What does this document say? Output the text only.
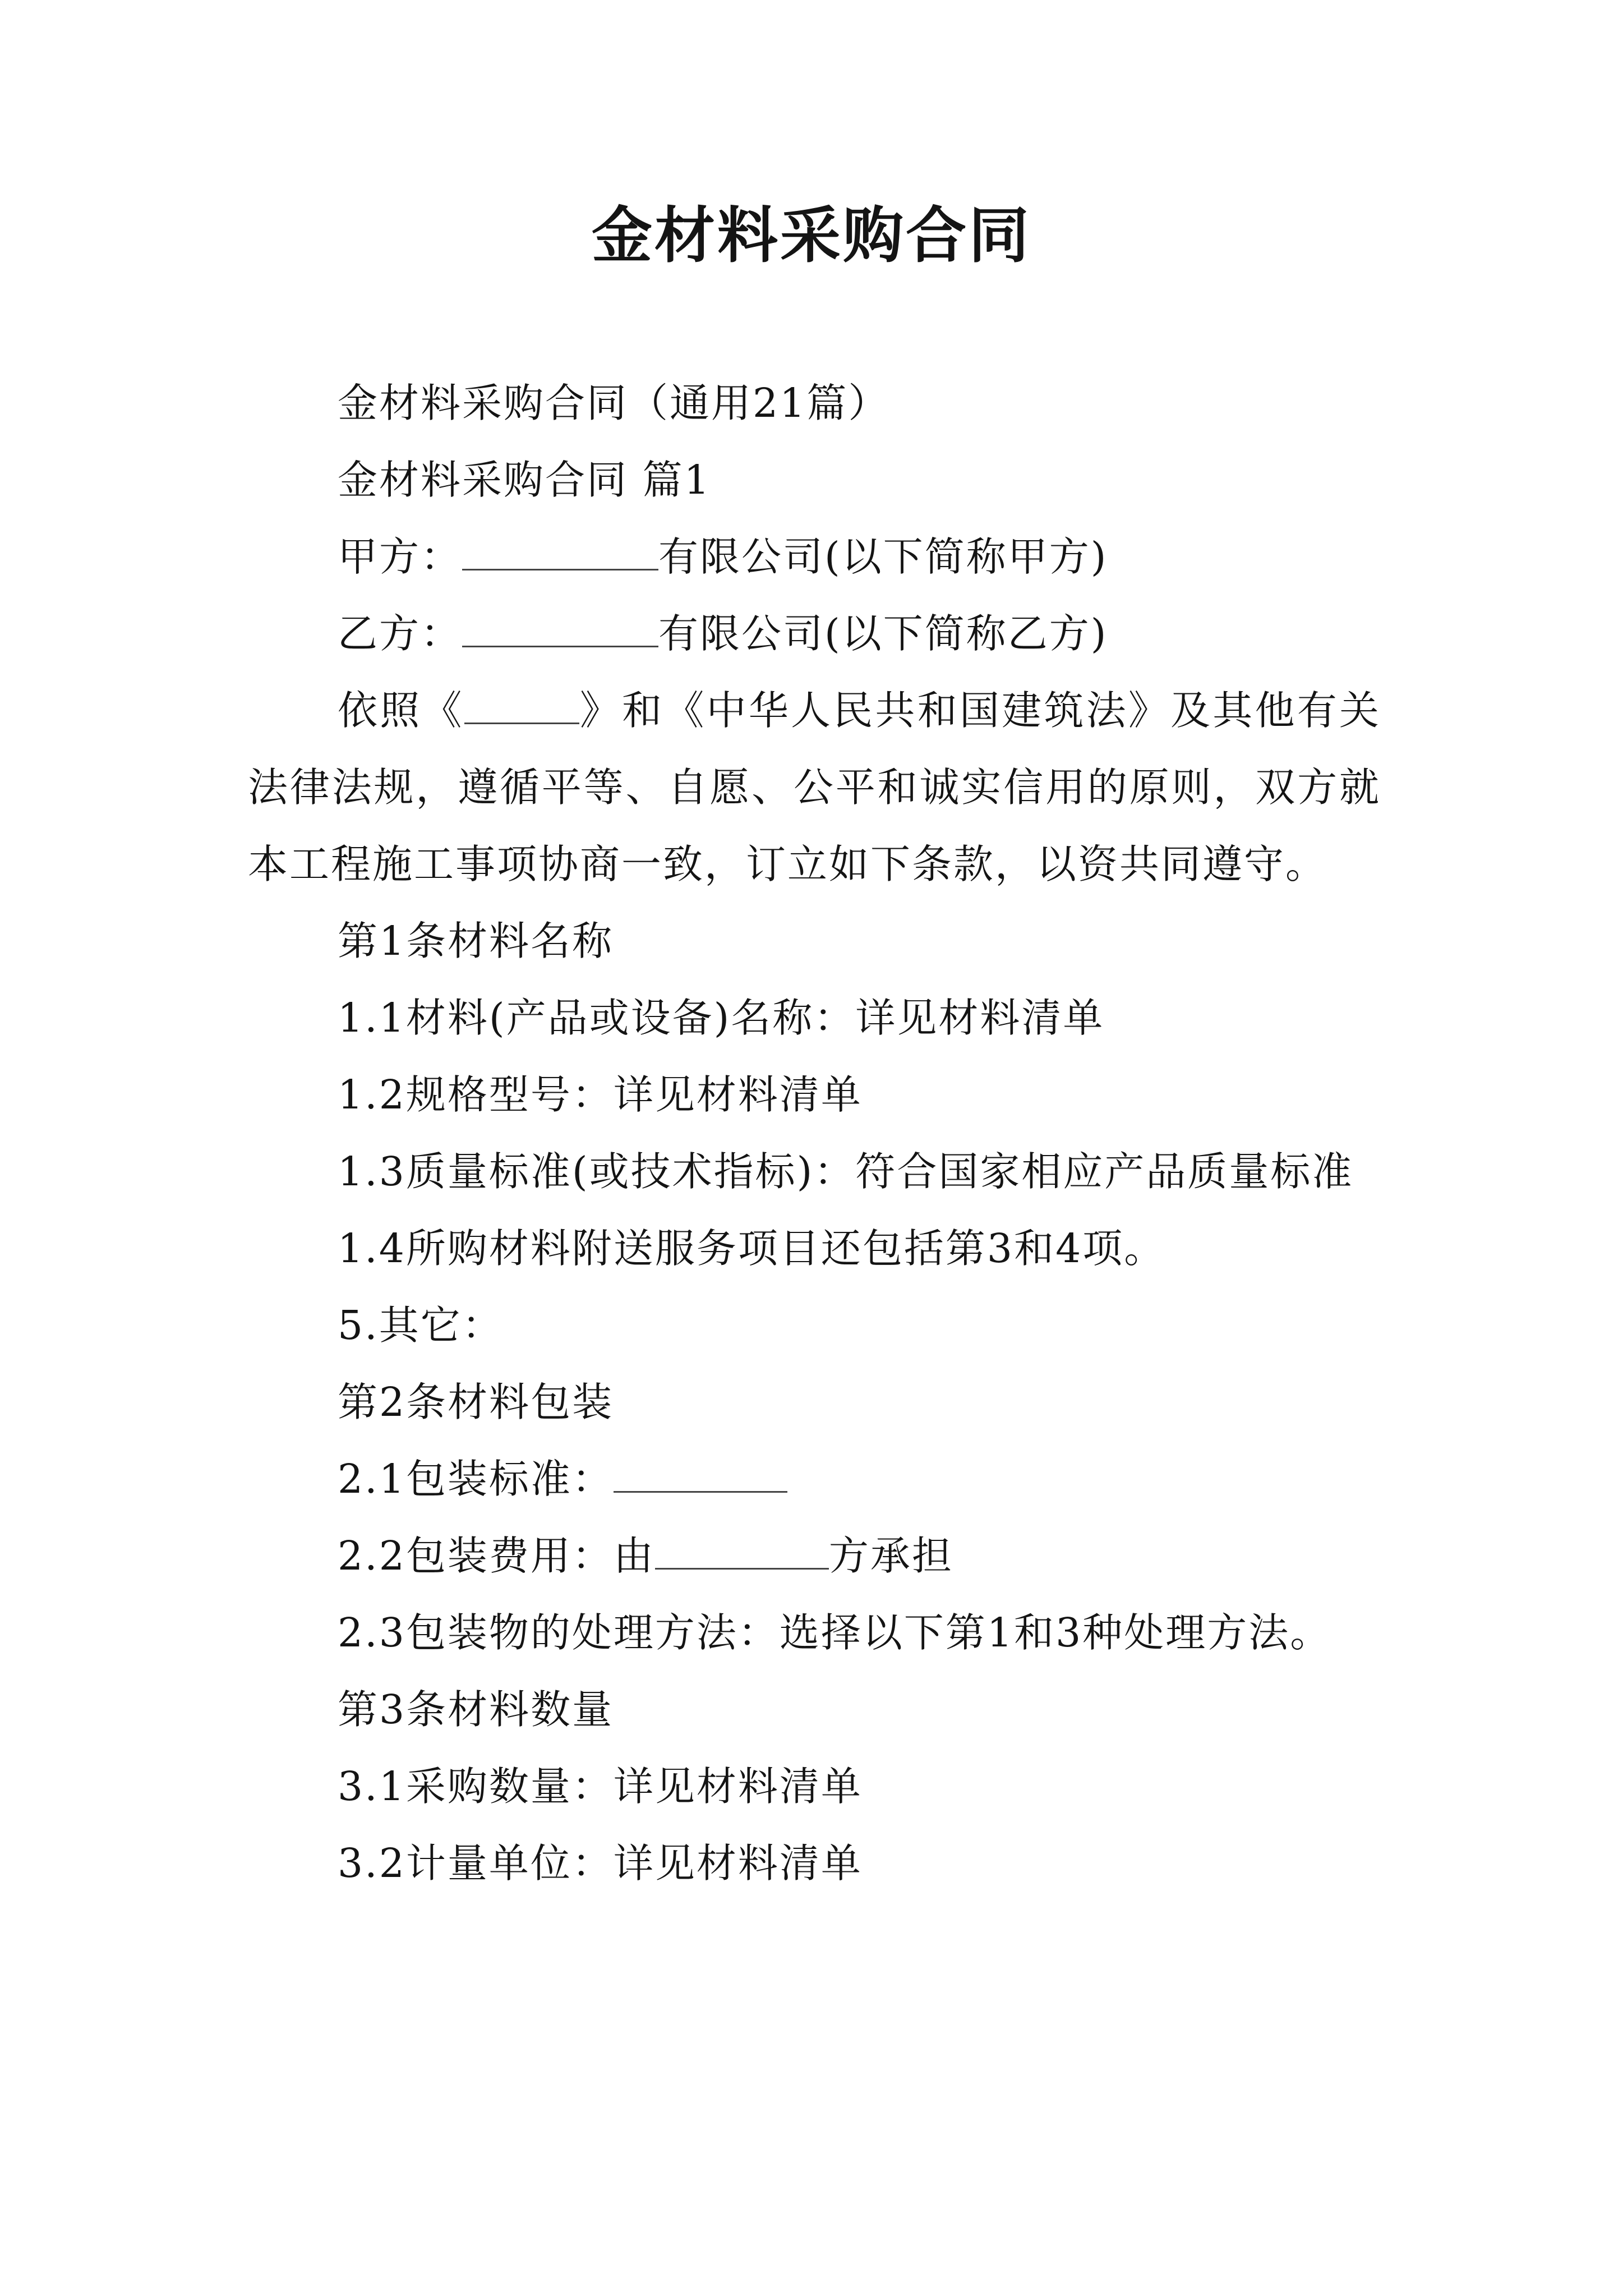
金材料采购合同
金材料采购合同（通用21篇）
金材料采购合同 篇1
甲方：	有限公司(以下简称甲方)
乙方：	有限公司(以下简称乙方)
依照《	》和《中华人民共和国建筑法》及其他有关法律法规，遵循平等、自愿、公平和诚实信用的原则，双方就本工程施工事项协商一致，订立如下条款，以资共同遵守。
第1条材料名称
1.1材料(产品或设备)名称：详见材料清单
1.2规格型号：详见材料清单
1.3质量标准(或技术指标)：符合国家相应产品质量标准
1.4所购材料附送服务项目还包括第3和4项。
5.其它：
第2条材料包装
2.1包装标准：
2.2包装费用：由	方承担
2.3包装物的处理方法：选择以下第1和3种处理方法。
第3条材料数量
3.1采购数量：详见材料清单
3.2计量单位：详见材料清单
